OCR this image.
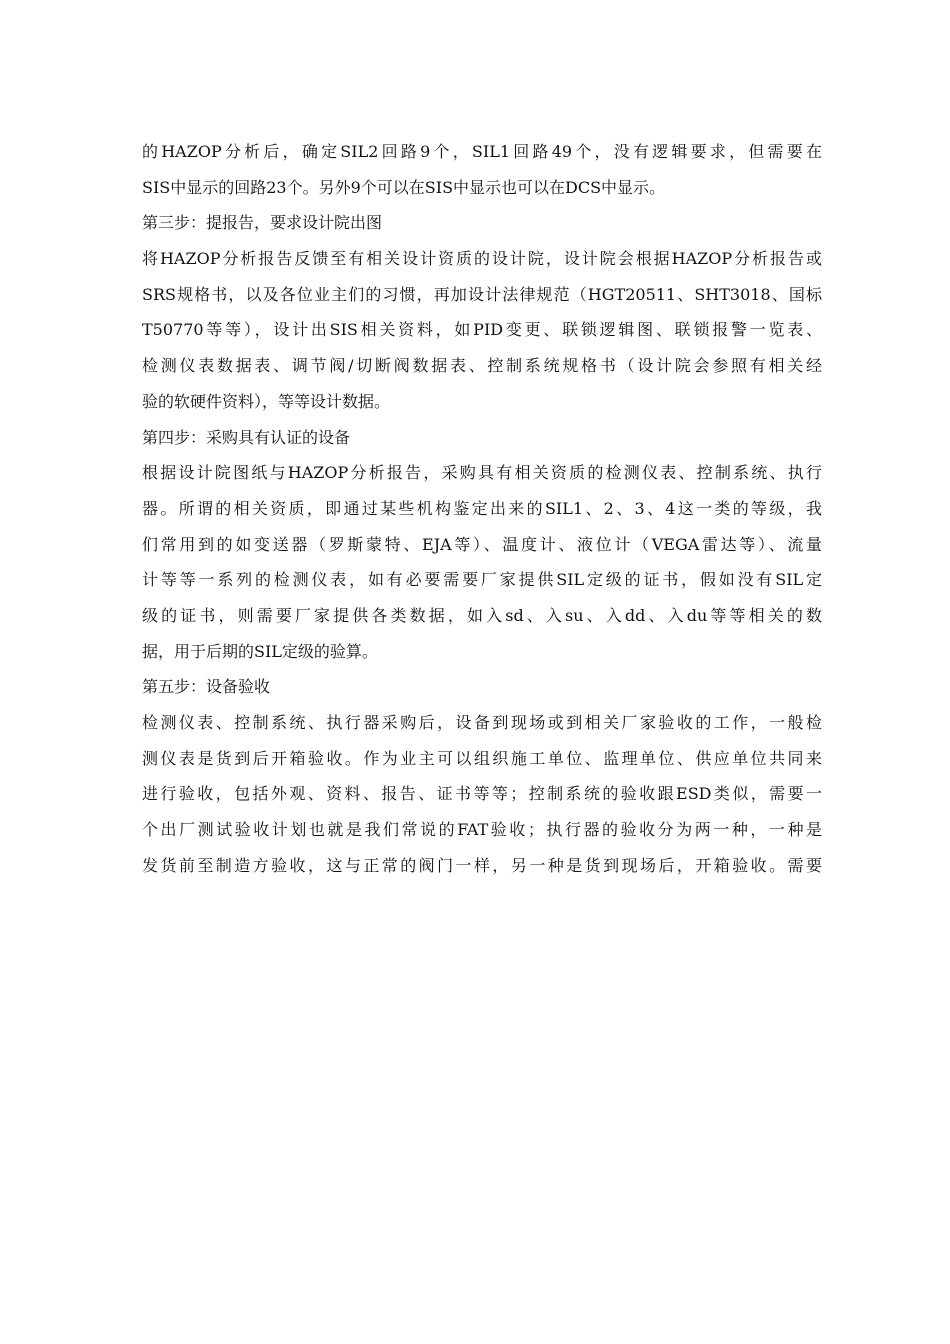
的HAZOP分析后，确定SIL2回路9个，SIL1回路49个，没有逻辑要求，但需要在
SIS中显示的回路23个。另外9个可以在SIS中显示也可以在DCS中显示。
第三步：提报告，要求设计院出图
将HAZOP分析报告反馈至有相关设计资质的设计院，设计院会根据HAZOP分析报告或
SRS规格书，以及各位业主们的习惯，再加设计法律规范（HGT20511、SHT3018、国标
T50770等等），设计出SIS相关资料，如PID变更、联锁逻辑图、联锁报警一览表、
检测仪表数据表、调节阀/切断阀数据表、控制系统规格书（设计院会参照有相关经
验的软硬件资料），等等设计数据。
第四步：采购具有认证的设备
根据设计院图纸与HAZOP分析报告，采购具有相关资质的检测仪表、控制系统、执行
器。所谓的相关资质，即通过某些机构鉴定出来的SIL1、2、3、4这一类的等级，我
们常用到的如变送器（罗斯蒙特、EJA等）、温度计、液位计（VEGA雷达等）、流量
计等等一系列的检测仪表，如有必要需要厂家提供SIL定级的证书，假如没有SIL定
级的证书，则需要厂家提供各类数据，如入sd、入su、入dd、入du等等相关的数
据，用于后期的SIL定级的验算。
第五步：设备验收
检测仪表、控制系统、执行器采购后，设备到现场或到相关厂家验收的工作，一般检
测仪表是货到后开箱验收。作为业主可以组织施工单位、监理单位、供应单位共同来
进行验收，包括外观、资料、报告、证书等等；控制系统的验收跟ESD类似，需要一
个出厂测试验收计划也就是我们常说的FAT验收；执行器的验收分为两一种，一种是
发货前至制造方验收，这与正常的阀门一样，另一种是货到现场后，开箱验收。需要
